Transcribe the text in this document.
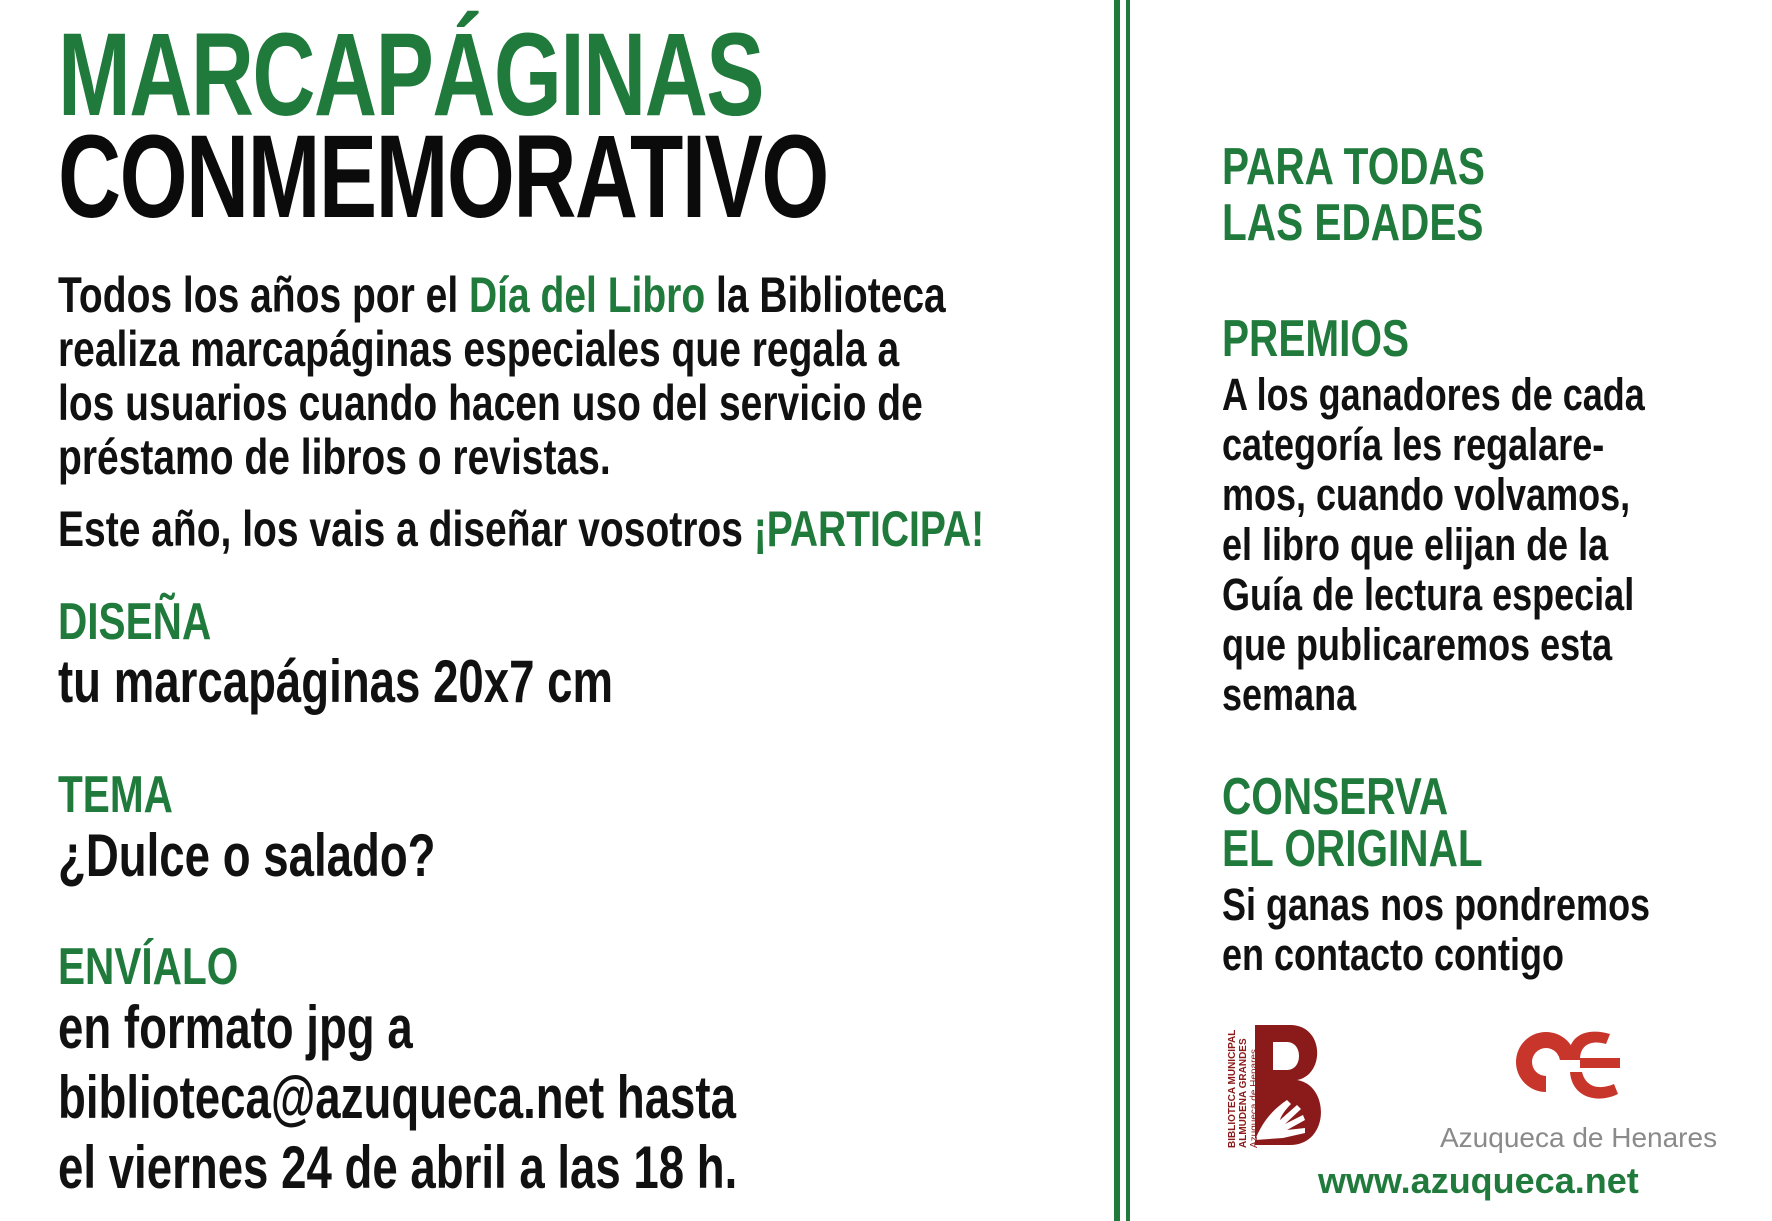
MARCAPÁGINAS
CONMEMORATIVO
Todos los años por el Día del Libro la Biblioteca
realiza marcapáginas especiales que regala a
los usuarios cuando hacen uso del servicio de
préstamo de libros o revistas.
Este año, los vais a diseñar vosotros ¡PARTICIPA!
DISEÑA
tu marcapáginas 20x7 cm
TEMA
¿Dulce o salado?
ENVÍALO
en formato jpg a
biblioteca@azuqueca.net hasta
el viernes 24 de abril a las 18 h.
PARA TODAS
LAS EDADES
PREMIOS
A los ganadores de cada
categoría les regalare-
mos, cuando volvamos,
el libro que elijan de la
Guía de lectura especial
que publicaremos esta
semana
CONSERVA
EL ORIGINAL
Si ganas nos pondremos
en contacto contigo
BIBLIOTECA MUNICIPAL ALMUDENA GRANDES Azuqueca de Henares	Azuqueca de Henares
www.azuqueca.net
